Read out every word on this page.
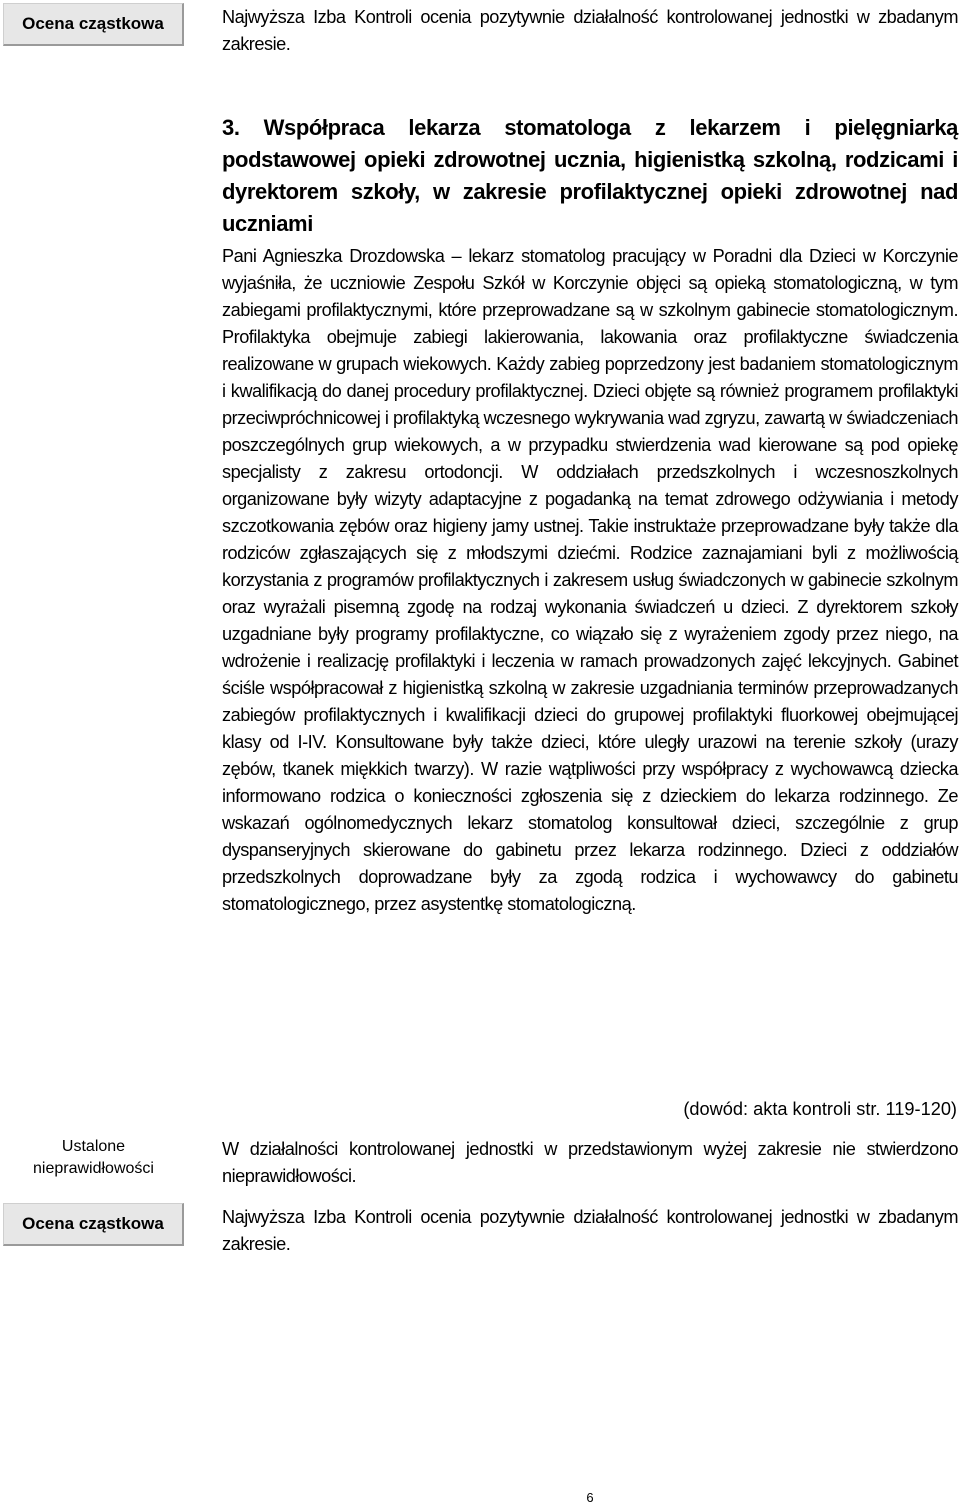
Ocena cząstkowa	Najwyższa Izba Kontroli ocenia pozytywnie działalność kontrolowanej jednostki w zbadanym zakresie.
3. Współpraca lekarza stomatologa z lekarzem i pielęgniarką podstawowej opieki zdrowotnej ucznia, higienistką szkolną, rodzicami i dyrektorem szkoły, w zakresie profilaktycznej opieki zdrowotnej nad uczniami
Pani Agnieszka Drozdowska – lekarz stomatolog pracujący w Poradni dla Dzieci w Korczynie wyjaśniła, że uczniowie Zespołu Szkół w Korczynie objęci są opieką stomatologiczną, w tym zabiegami profilaktycznymi, które przeprowadzane są w szkolnym gabinecie stomatologicznym. Profilaktyka obejmuje zabiegi lakierowania, lakowania oraz profilaktyczne świadczenia realizowane w grupach wiekowych. Każdy zabieg poprzedzony jest badaniem stomatologicznym i kwalifikacją do danej procedury profilaktycznej. Dzieci objęte są również programem profilaktyki przeciwpróchnicowej i profilaktyką wczesnego wykrywania wad zgryzu, zawartą w świadczeniach poszczególnych grup wiekowych, a w przypadku stwierdzenia wad kierowane są pod opiekę specjalisty z zakresu ortodoncji. W oddziałach przedszkolnych i wczesnoszkolnych organizowane były wizyty adaptacyjne z pogadanką na temat zdrowego odżywiania i metody szczotkowania zębów oraz higieny jamy ustnej. Takie instruktaże przeprowadzane były także dla rodziców zgłaszających się z młodszymi dziećmi. Rodzice zaznajamiani byli z możliwością korzystania z programów profilaktycznych i zakresem usług świadczonych w gabinecie szkolnym oraz wyrażali pisemną zgodę na rodzaj wykonania świadczeń u dzieci. Z dyrektorem szkoły uzgadniane były programy profilaktyczne, co wiązało się z wyrażeniem zgody przez niego, na wdrożenie i realizację profilaktyki i leczenia w ramach prowadzonych zajęć lekcyjnych. Gabinet ściśle współpracował z higienistką szkolną w zakresie uzgadniania terminów przeprowadzanych zabiegów profilaktycznych i kwalifikacji dzieci do grupowej profilaktyki fluorkowej obejmującej klasy od I-IV. Konsultowane były także dzieci, które uległy urazowi na terenie szkoły (urazy zębów, tkanek miękkich twarzy). W razie wątpliwości przy współpracy z wychowawcą dziecka informowano rodzica o konieczności zgłoszenia się z dzieckiem do lekarza rodzinnego. Ze wskazań ogólnomedycznych lekarz stomatolog konsultował dzieci, szczególnie z grup dyspanseryjnych skierowane do gabinetu przez lekarza rodzinnego. Dzieci z oddziałów przedszkolnych doprowadzane były za zgodą rodzica i wychowawcy do gabinetu stomatologicznego, przez asystentkę stomatologiczną.
(dowód: akta kontroli str. 119-120)
Ustalone nieprawidłowości
W działalności kontrolowanej jednostki w przedstawionym wyżej zakresie nie stwierdzono nieprawidłowości.
Ocena cząstkowa	Najwyższa Izba Kontroli ocenia pozytywnie działalność kontrolowanej jednostki w zbadanym zakresie.
6
